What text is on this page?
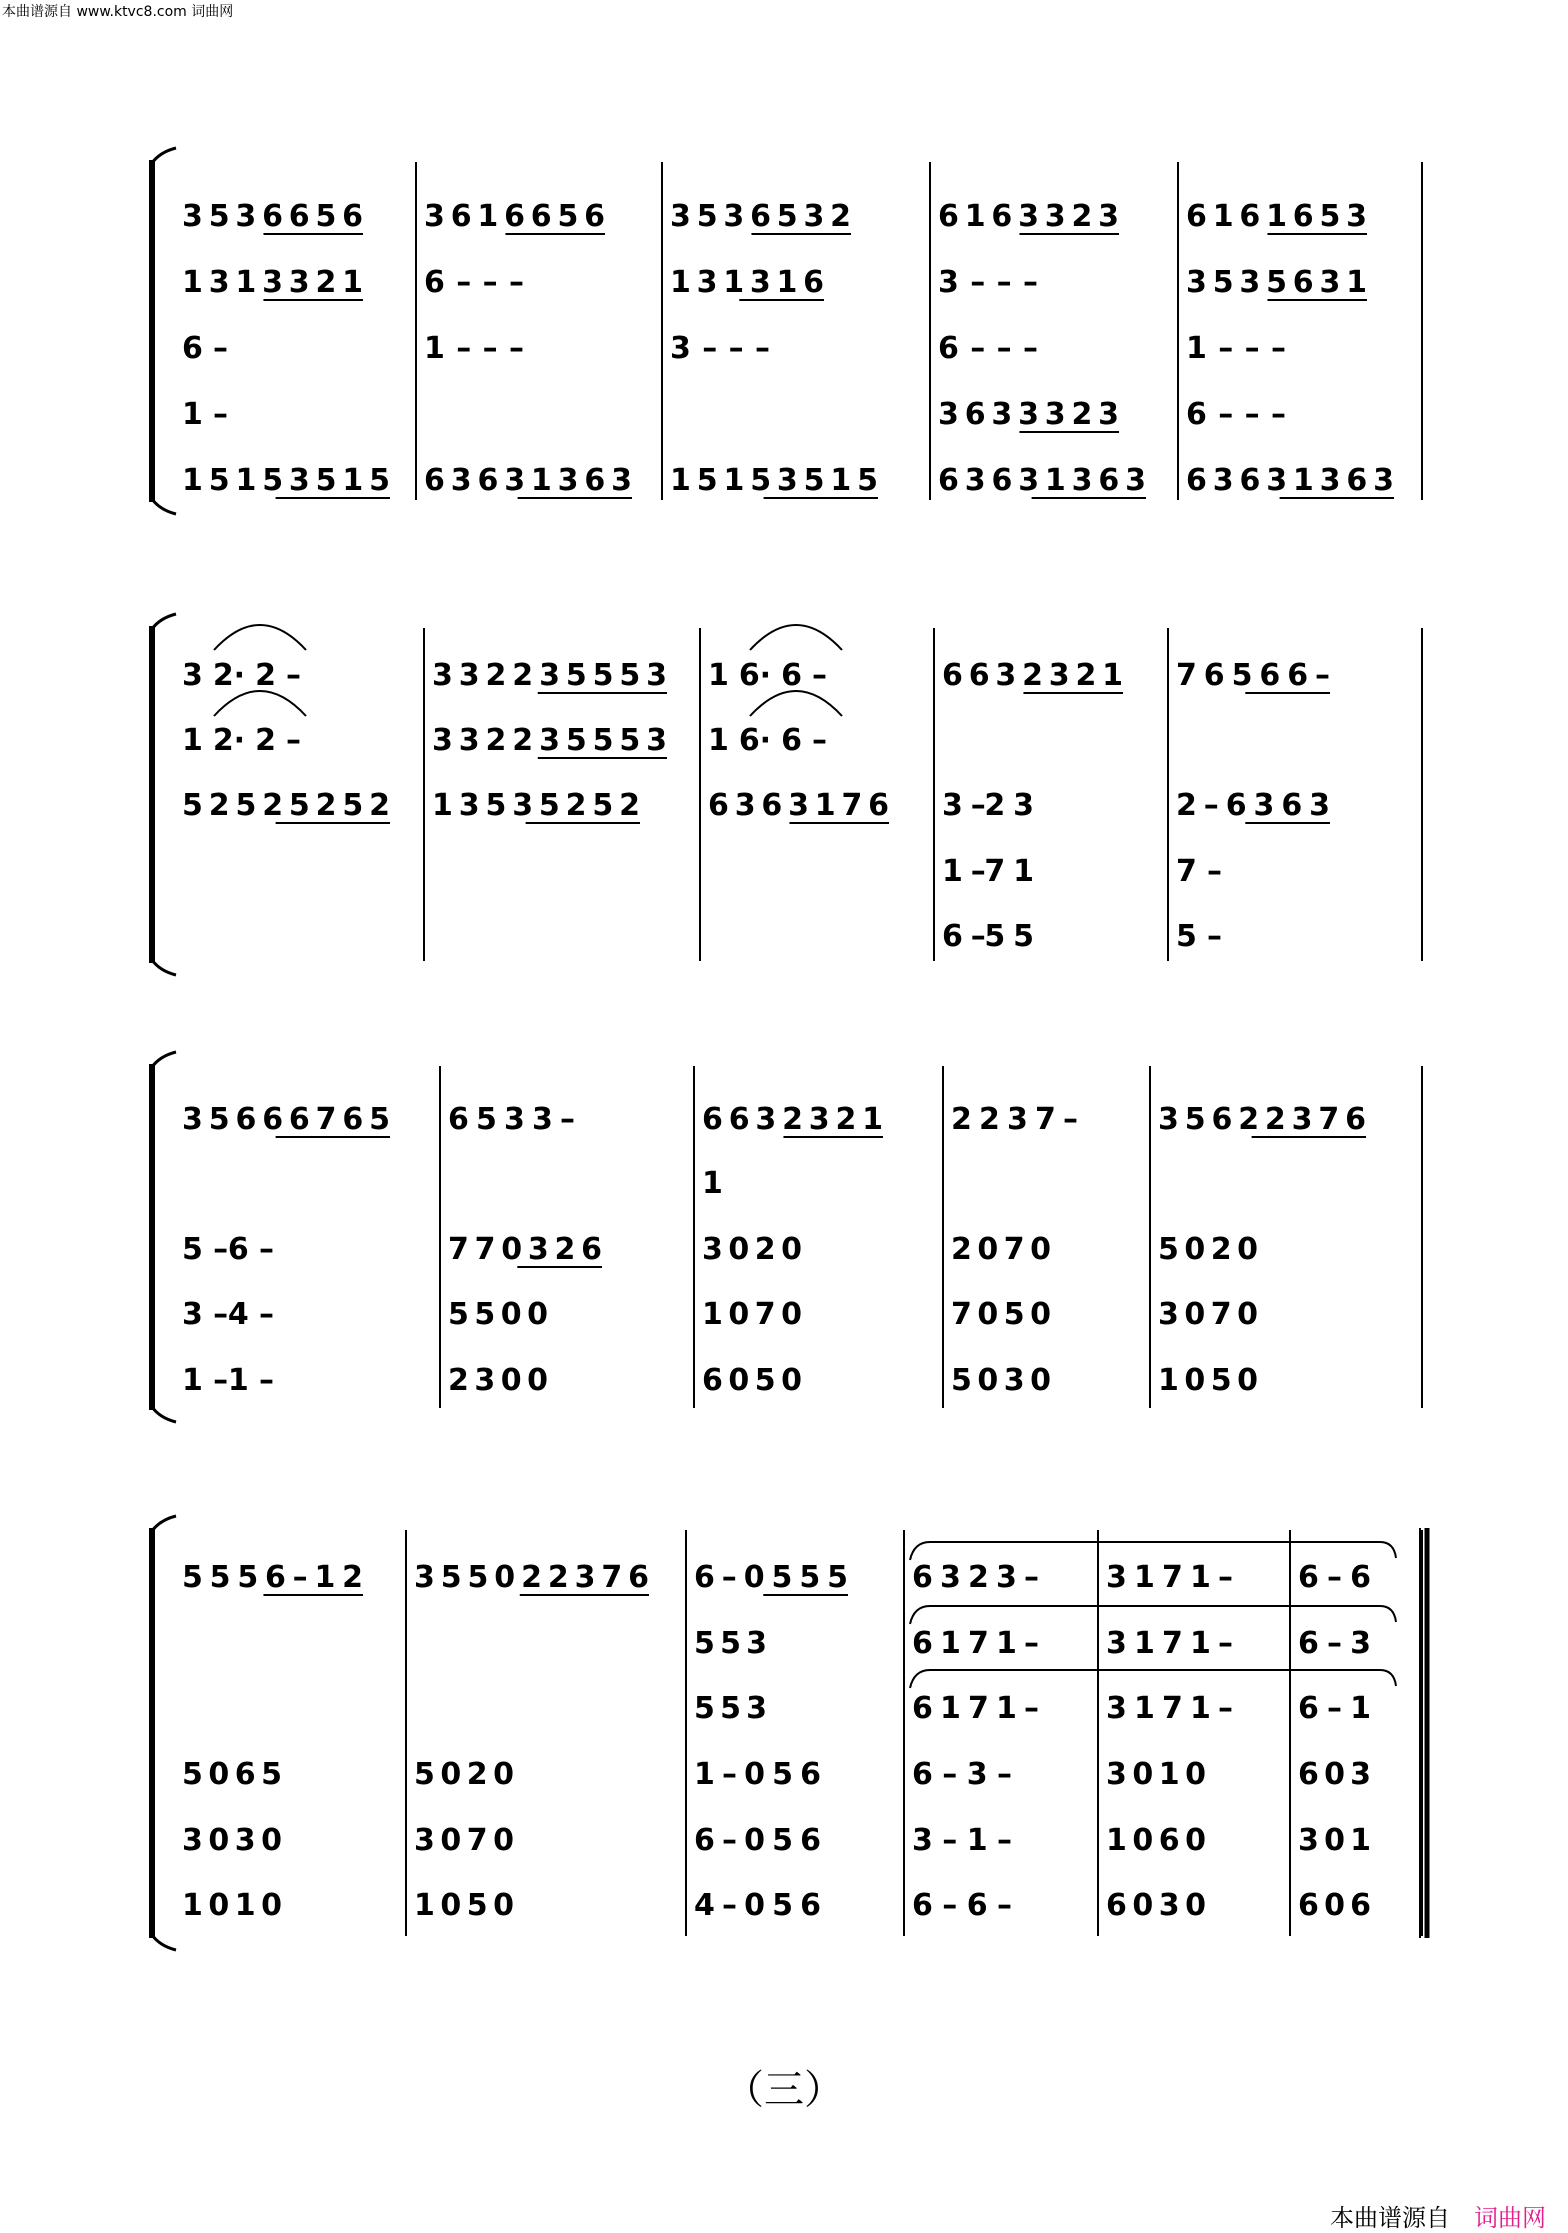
本曲谱源自 www.ktvc8.com 词曲网
3 5 3 6 6 5 6
1 3 1 3 3 2 1
6 –
1 –
1 5 1 5 3 5 1 5
3 6 1 6 6 5 6
6 – – –
1 – – –
6 3 6 3 1 3 6 3
3 5 3 6 5 3 2
1 3 1 3 1 6
3 – – –
1 5 1 5 3 5 1 5
6 1 6 3 3 2 3
3 – – –
6 – – –
3 6 3 3 3 2 3
6 3 6 3 1 3 6 3
6 1 6 1 6 5 3
3 5 3 5 6 3 1
1 – – –
6 – – –
6 3 6 3 1 3 6 3
3 2· 2 –
1 2· 2 –
5 2 5 2 5 2 5 2
3 3 2 2 3 5 5 5 3
3 3 2 2 3 5 5 5 3
1 3 5 3 5 2 5 2
1 6· 6 –
1 6· 6 –
6 3 6 3 1 7 6
6 6 3 2 3 2 1
3 –2 3
1 –7 1
6 –5 5
7 6 5 6 6 –
2 – 6 3 6 3
7 –
5 –
3 5 6 6 6 7 6 5
5 –6 –
3 –4 –
1 –1 –
6 5 3 3 –
7 7 0 3 2 6
5 5 0 0
2 3 0 0
6 6 3 2 3 2 1
1
3 0 2 0
1 0 7 0
6 0 5 0
2 2 3 7 –
2 0 7 0
7 0 5 0
5 0 3 0
3 5 6 2 2 3 7 6
5 0 2 0
3 0 7 0
1 0 5 0
5 5 5 6 – 1 2
5 0 6 5
3 0 3 0
1 0 1 0
3 5 5 0 2 2 3 7 6
5 0 2 0
3 0 7 0
1 0 5 0
6 – 0 5 5 5
5 5 3
5 5 3
1 – 0 5 6
6 – 0 5 6
4 – 0 5 6
6 3 2 3 –
6 1 7 1 –
6 1 7 1 –
6 – 3 –
3 – 1 –
6 – 6 –
3 1 7 1 –
3 1 7 1 –
3 1 7 1 –
3 0 1 0
1 0 6 0
6 0 3 0
6 – 6
6 – 3
6 – 1
6 0 3
3 0 1
6 0 6
（三）
本曲谱源自 词曲网
